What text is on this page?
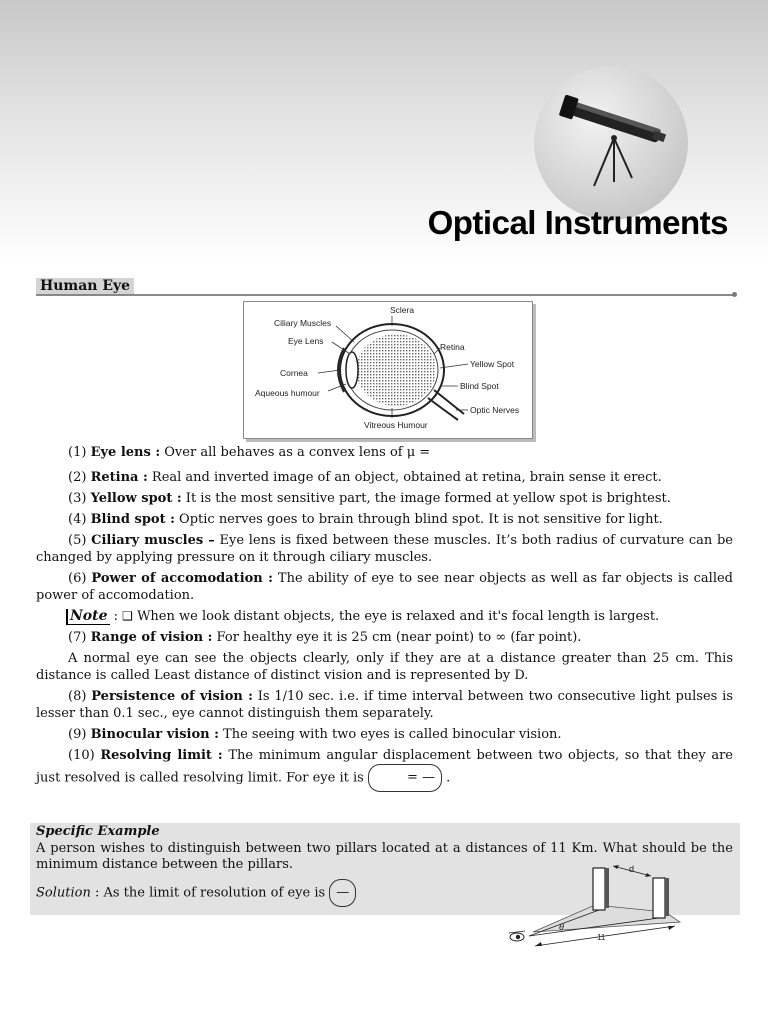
Optical Instruments
Human Eye
Sclera
Ciliary Muscles
Eye Lens
Retina
Yellow Spot
Cornea
Blind Spot
Aqueous humour
Optic Nerves
Vitreous Humour

(1) Eye lens : Over all behaves as a convex lens of μ =

(2) Retina : Real and inverted image of an object, obtained at retina, brain sense it erect.

(3) Yellow spot : It is the most sensitive part, the image formed at yellow spot is brightest.

(4) Blind spot : Optic nerves goes to brain through blind spot. It is not sensitive for light.

(5) Ciliary muscles – Eye lens is fixed between these muscles. It’s both radius of curvature can be changed by applying pressure on it through ciliary muscles.

(6) Power of accomodation : The ability of eye to see near objects as well as far objects is called power of accomodation.

Note : ❑ When we look distant objects, the eye is relaxed and it's focal length is largest.

(7) Range of vision : For healthy eye it is 25 cm (near point) to ∞ (far point).

A normal eye can see the objects clearly, only if they are at a distance greater than 25 cm. This distance is called Least distance of distinct vision and is represented by D.

(8) Persistence of vision : Is 1/10 sec. i.e. if time interval between two consecutive light pulses is lesser than 0.1 sec., eye cannot distinguish them separately.

(9) Binocular vision : The seeing with two eyes is called binocular vision.

(10) Resolving limit : The minimum angular displacement between two objects, so that they are just resolved is called resolving limit. For eye it is	= — .

Specific Example
A person wishes to distinguish between two pillars located at a distances of 11 Km. What should be the minimum distance between the pillars.
Solution : As the limit of resolution of eye is —
d
θ
11
